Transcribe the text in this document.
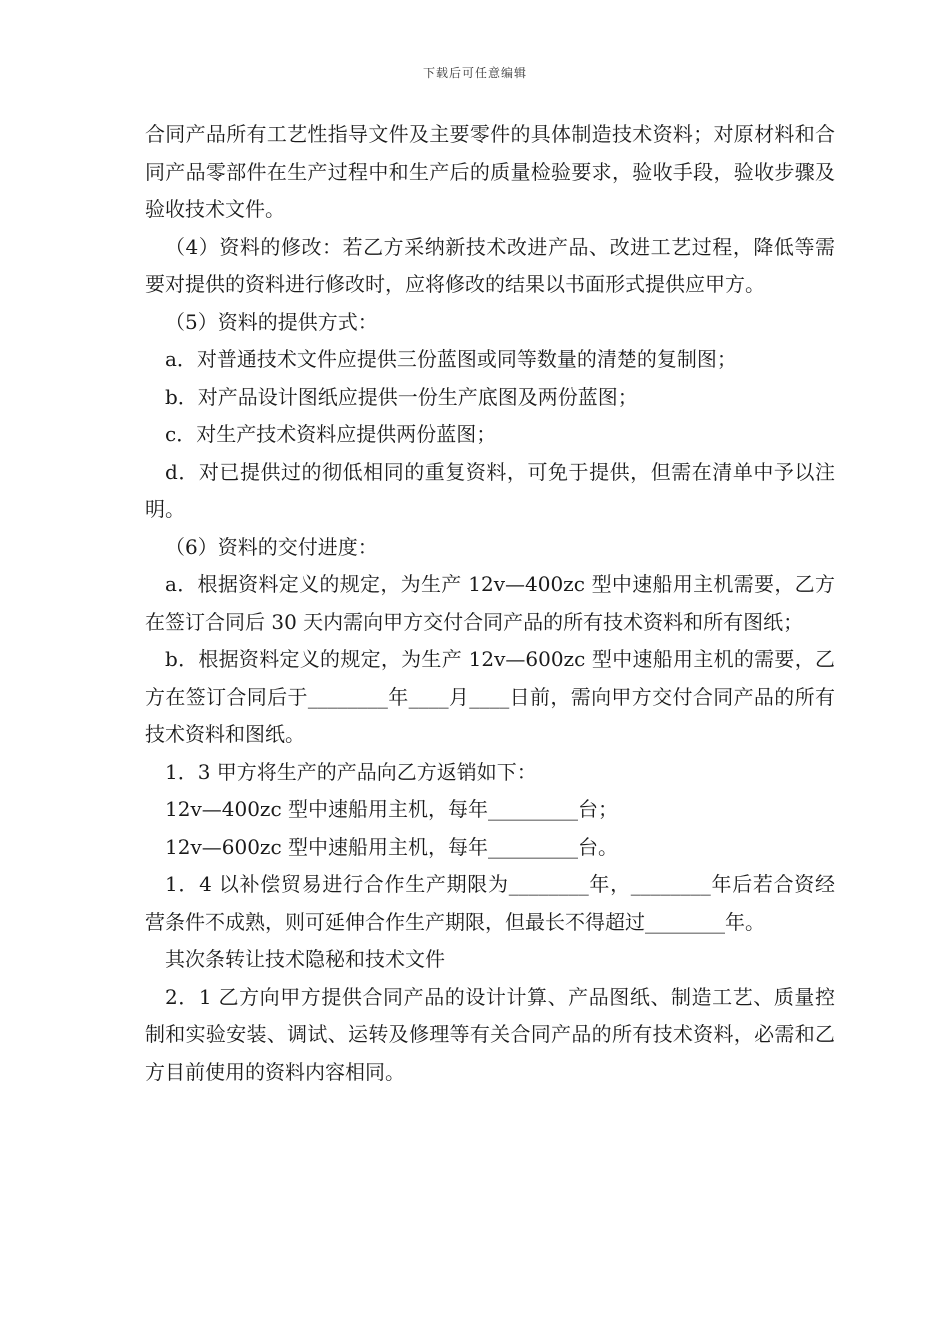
下载后可任意编辑

合同产品所有工艺性指导文件及主要零件的具体制造技术资料；对原材料和合同产品零部件在生产过程中和生产后的质量检验要求，验收手段，验收步骤及验收技术文件。

（4）资料的修改：若乙方采纳新技术改进产品、改进工艺过程，降低等需要对提供的资料进行修改时，应将修改的结果以书面形式提供应甲方。

（5）资料的提供方式：

a．对普通技术文件应提供三份蓝图或同等数量的清楚的复制图；

b．对产品设计图纸应提供一份生产底图及两份蓝图；

c．对生产技术资料应提供两份蓝图；

d．对已提供过的彻低相同的重复资料，可免于提供，但需在清单中予以注明。

（6）资料的交付进度：

a．根据资料定义的规定，为生产 12v—400zc 型中速船用主机需要，乙方在签订合同后 30 天内需向甲方交付合同产品的所有技术资料和所有图纸；

b．根据资料定义的规定，为生产 12v—600zc 型中速船用主机的需要，乙方在签订合同后于________年____月____日前，需向甲方交付合同产品的所有技术资料和图纸。

1．3 甲方将生产的产品向乙方返销如下：

12v—400zc 型中速船用主机，每年_________台；

12v—600zc 型中速船用主机，每年_________台。

1．4 以补偿贸易进行合作生产期限为________年，________年后若合资经营条件不成熟，则可延伸合作生产期限，但最长不得超过________年。

其次条转让技术隐秘和技术文件

2．1 乙方向甲方提供合同产品的设计计算、产品图纸、制造工艺、质量控制和实验安装、调试、运转及修理等有关合同产品的所有技术资料，必需和乙方目前使用的资料内容相同。
